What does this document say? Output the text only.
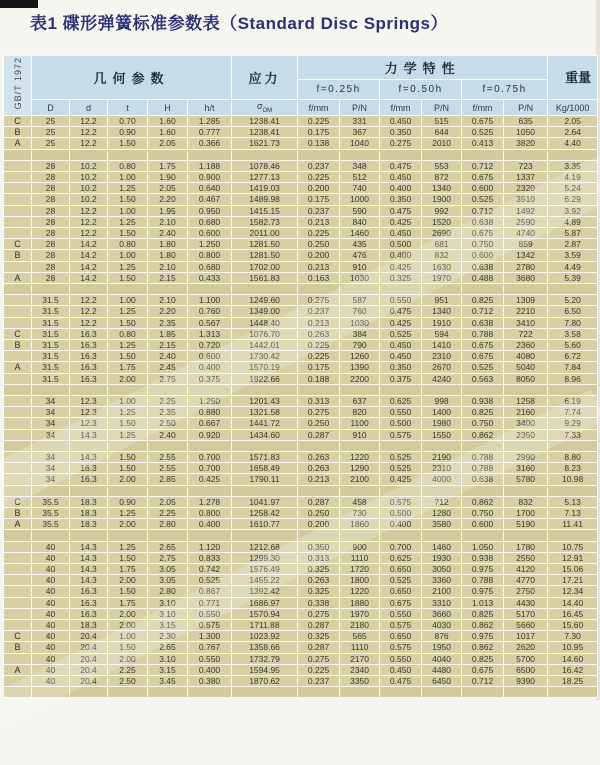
表1 碟形弹簧标准参数表（Standard Disc Springs）
GB/T 1972	几何参数					应力	力学特性						重量

							f=0.25h		f=0.50h		f=0.75h		
	D	d	t	H	h/t	$\sigma_{OM}$	f/mm	P/N	f/mm	P/N	f/mm	P/N	Kg/1000
C	25	12.2	0.70	1.60	1.285	1238.41	0.225	331	0.450	515	0.675	635	2.05
B	25	12.2	0.90	1.60	0.777	1238.41	0.175	367	0.350	644	0.525	1050	2.64
A	25	12.2	1.50	2.05	0.366	1621.73	0.138	1040	0.275	2010	0.413	3820	4.40

	28	10.2	0.80	1.75	1.188	1078.46	0.237	348	0.475	553	0.712	723	3.35
	28	10.2	1.00	1.90	0.900	1277.13	0.225	512	0.450	872	0.675	1337	4.19
	28	10.2	1.25	2.05	0.640	1419.03	0.200	740	0.400	1340	0.600	2320	5.24
	28	10.2	1.50	2.20	0.467	1489.98	0.175	1000	0.350	1900	0.525	3510	6.29
	28	12.2	1.00	1.95	0.950	1415.15	0.237	590	0.475	992	0.712	1492	3.92
	28	12.2	1.25	2.10	0.680	1582.73	0.213	840	0.425	1520	0.638	2590	4.89
	28	12.2	1.50	2.40	0.600	2011.00	0.225	1460	0.450	2690	0.675	4740	5.87
C	28	14.2	0.80	1.80	1.250	1281.50	0.250	435	0.500	681	0.750	859	2.87
B	28	14.2	1.00	1.80	0.800	1281.50	0.200	476	0.400	832	0.600	1342	3.59
	28	14.2	1.25	2.10	0.680	1702.00	0.213	910	0.425	1630	0.638	2780	4.49
A	28	14.2	1.50	2.15	0.433	1561.83	0.163	1030	0.325	1970	0.488	3680	5.39

	31.5	12.2	1.00	2.10	1.100	1249.60	0.275	587	0.550	951	0.825	1309	5.20
	31.5	12.2	1.25	2.20	0.760	1349.00	0.237	760	0.475	1340	0.712	2210	6.50
	31.5	12.2	1.50	2.35	0.567	1448.40	0.213	1030	0.425	1910	0.638	3410	7.80
C	31.5	16.3	0.80	1.85	1.313	1076.70	0.263	384	0.525	594	0.788	722	3.58
B	31.5	16.3	1.25	2.15	0.720	1442.01	0.225	790	0.450	1410	0.675	2360	5.60
	31.5	16.3	1.50	2.40	0.600	1730.42	0.225	1260	0.450	2310	0.675	4080	6.72
A	31.5	16.3	1.75	2.45	0.400	1570.19	0.175	1390	0.350	2670	0.525	5040	7.84
	31.5	16.3	2.00	2.75	0.375	1922.66	0.188	2200	0.375	4240	0.563	8050	8.96

	34	12.3	1.00	2.25	1.250	1201.43	0.313	637	0.625	998	0.938	1258	6.19
	34	12.3	1.25	2.35	0.880	1321.58	0.275	820	0.550	1400	0.825	2160	7.74
	34	12.3	1.50	2.50	0.667	1441.72	0.250	1100	0.500	1980	0.750	3400	9.29
	34	14.3	1.25	2.40	0.920	1434.60	0.287	910	0.575	1550	0.862	2350	7.33

	34	14.3	1.50	2.55	0.700	1571.83	0.263	1220	0.525	2190	0.788	2990	8.80
	34	16.3	1.50	2.55	0.700	1658.49	0.263	1290	0.525	2310	0.788	3160	8.23
	34	16.3	2.00	2.85	0.425	1790.11	0.213	2100	0.425	4000	0.638	5780	10.98

C	35.5	18.3	0.90	2.05	1.278	1041.97	0.287	458	0.575	712	0.862	832	5.13
B	35.5	18.3	1.25	2.25	0.800	1258.42	0.250	730	0.500	1280	0.750	1700	7.13
A	35.5	18.3	2.00	2.80	0.400	1610.77	0.200	1860	0.400	3580	0.600	5190	11.41

	40	14.3	1.25	2.65	1.120	1212.68	0.350	900	0.700	1460	1.050	1780	10.75
	40	14.3	1.50	2.75	0.833	1299.30	0.313	1110	0.625	1930	0.938	2550	12.91
	40	14.3	1.75	3.05	0.742	1576.49	0.325	1720	0.650	3050	0.975	4120	15.06
	40	14.3	2.00	3.05	0.525	1455.22	0.263	1800	0.525	3360	0.788	4770	17.21
	40	16.3	1.50	2.80	0.867	1392.42	0.325	1220	0.650	2100	0.975	2750	12.34
	40	16.3	1.75	3.10	0.771	1686.97	0.338	1880	0.675	3310	1.013	4430	14.40
	40	16.3	2.00	3.10	0.550	1570.94	0.275	1970	0.550	3660	0.825	5170	16.45
	40	18.3	2.00	3.15	0.575	1711.88	0.287	2180	0.575	4030	0.862	5660	15.60
C	40	20.4	1.00	2.30	1.300	1023.92	0.325	565	0.650	876	0.975	1017	7.30
B	40	20.4	1.50	2.65	0.767	1358.66	0.287	1110	0.575	1950	0.862	2620	10.95
	40	20.4	2.00	3.10	0.550	1732.79	0.275	2170	0.550	4040	0.825	5700	14.60
A	40	20.4	2.25	3.15	0.400	1594.95	0.225	2340	0.450	4480	0.675	6500	16.42
	40	20.4	2.50	3.45	0.380	1870.62	0.237	3350	0.475	6450	0.712	9390	18.25
